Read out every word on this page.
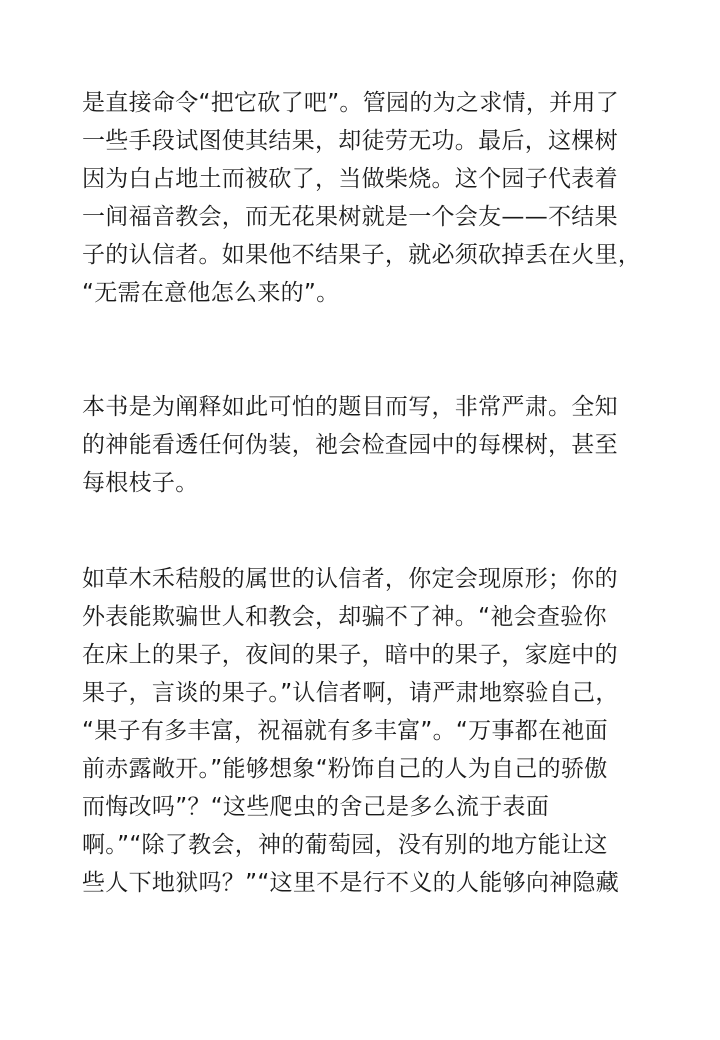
是直接命令“把它砍了吧”。管园的为之求情，并用了
一些手段试图使其结果，却徒劳无功。最后，这棵树
因为白占地土而被砍了，当做柴烧。这个园子代表着
一间福音教会，而无花果树就是一个会友——不结果
子的认信者。如果他不结果子，就必须砍掉丢在火里，
“无需在意他怎么来的”。
本书是为阐释如此可怕的题目而写，非常严肃。全知
的神能看透任何伪装，祂会检查园中的每棵树，甚至
每根枝子。
如草木禾秸般的属世的认信者，你定会现原形；你的
外表能欺骗世人和教会，却骗不了神。“祂会查验你
在床上的果子，夜间的果子，暗中的果子，家庭中的
果子，言谈的果子。”认信者啊，请严肃地察验自己，
“果子有多丰富，祝福就有多丰富”。“万事都在祂面
前赤露敞开。”能够想象“粉饰自己的人为自己的骄傲
而悔改吗”？“这些爬虫的舍己是多么流于表面
啊。”“除了教会，神的葡萄园，没有别的地方能让这
些人下地狱吗？”“这里不是行不义的人能够向神隐藏
